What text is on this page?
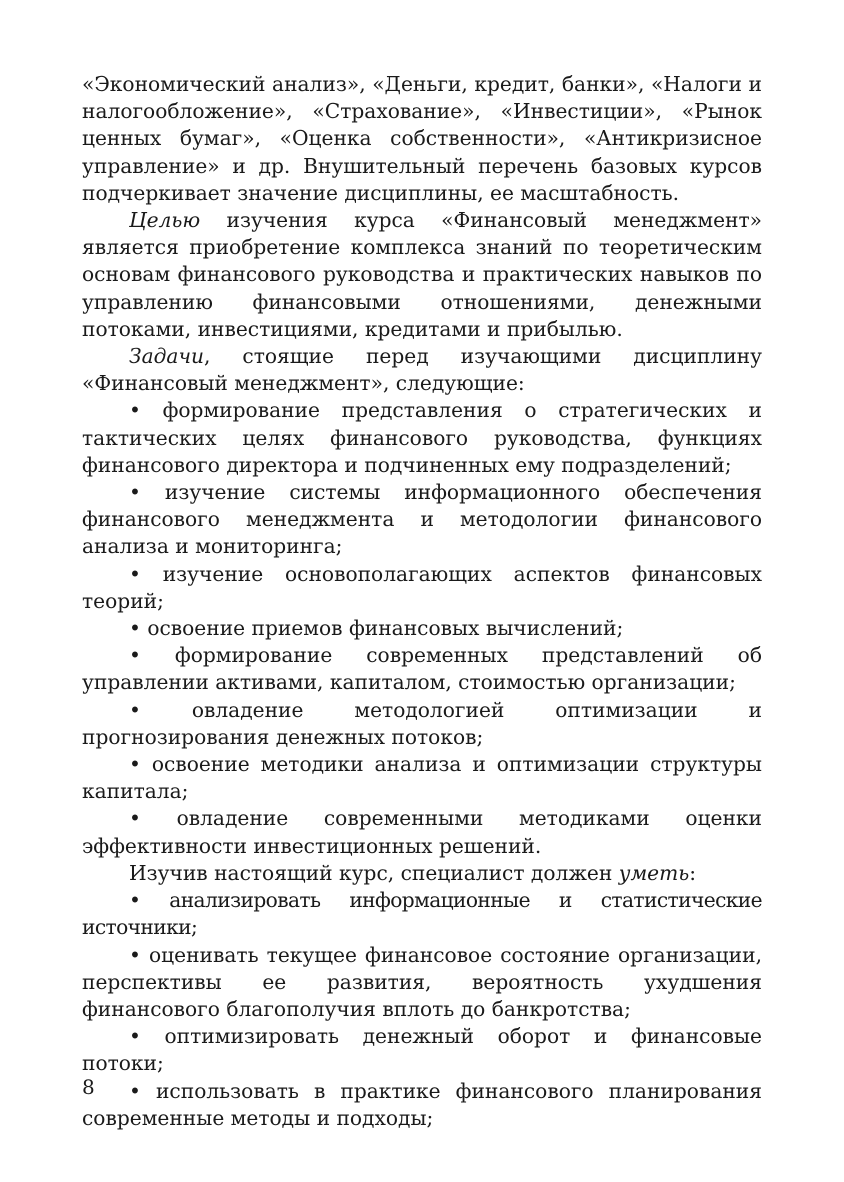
«Экономический анализ», «Деньги, кредит, банки», «Налоги и налогообложение», «Страхование», «Инвестиции», «Рынок ценных бумаг», «Оценка собственности», «Антикризисное управление» и др. Внушительный перечень базовых курсов подчеркивает значение дисциплины, ее масштабность.

Целью изучения курса «Финансовый менеджмент» является приобретение комплекса знаний по теоретическим основам финансового руководства и практических навыков по управлению финансовыми отношениями, денежными потоками, инвестициями, кредитами и прибылью.

Задачи, стоящие перед изучающими дисциплину «Финансовый менеджмент», следующие:

• формирование представления о стратегических и тактических целях финансового руководства, функциях финансового директора и подчиненных ему подразделений;

• изучение системы информационного обеспечения финансового менеджмента и методологии финансового анализа и мониторинга;

• изучение основополагающих аспектов финансовых теорий;

• освоение приемов финансовых вычислений;

• формирование современных представлений об управлении активами, капиталом, стоимостью организации;

• овладение методологией оптимизации и прогнозирования денежных потоков;

• освоение методики анализа и оптимизации структуры капитала;

• овладение современными методиками оценки эффективности инвестиционных решений.

Изучив настоящий курс, специалист должен уметь:

• анализировать информационные и статистические источники;

• оценивать текущее финансовое состояние организации, перспективы ее развития, вероятность ухудшения финансового благополучия вплоть до банкротства;

• оптимизировать денежный оборот и финансовые потоки;

• использовать в практике финансового планирования современные методы и подходы;

8
